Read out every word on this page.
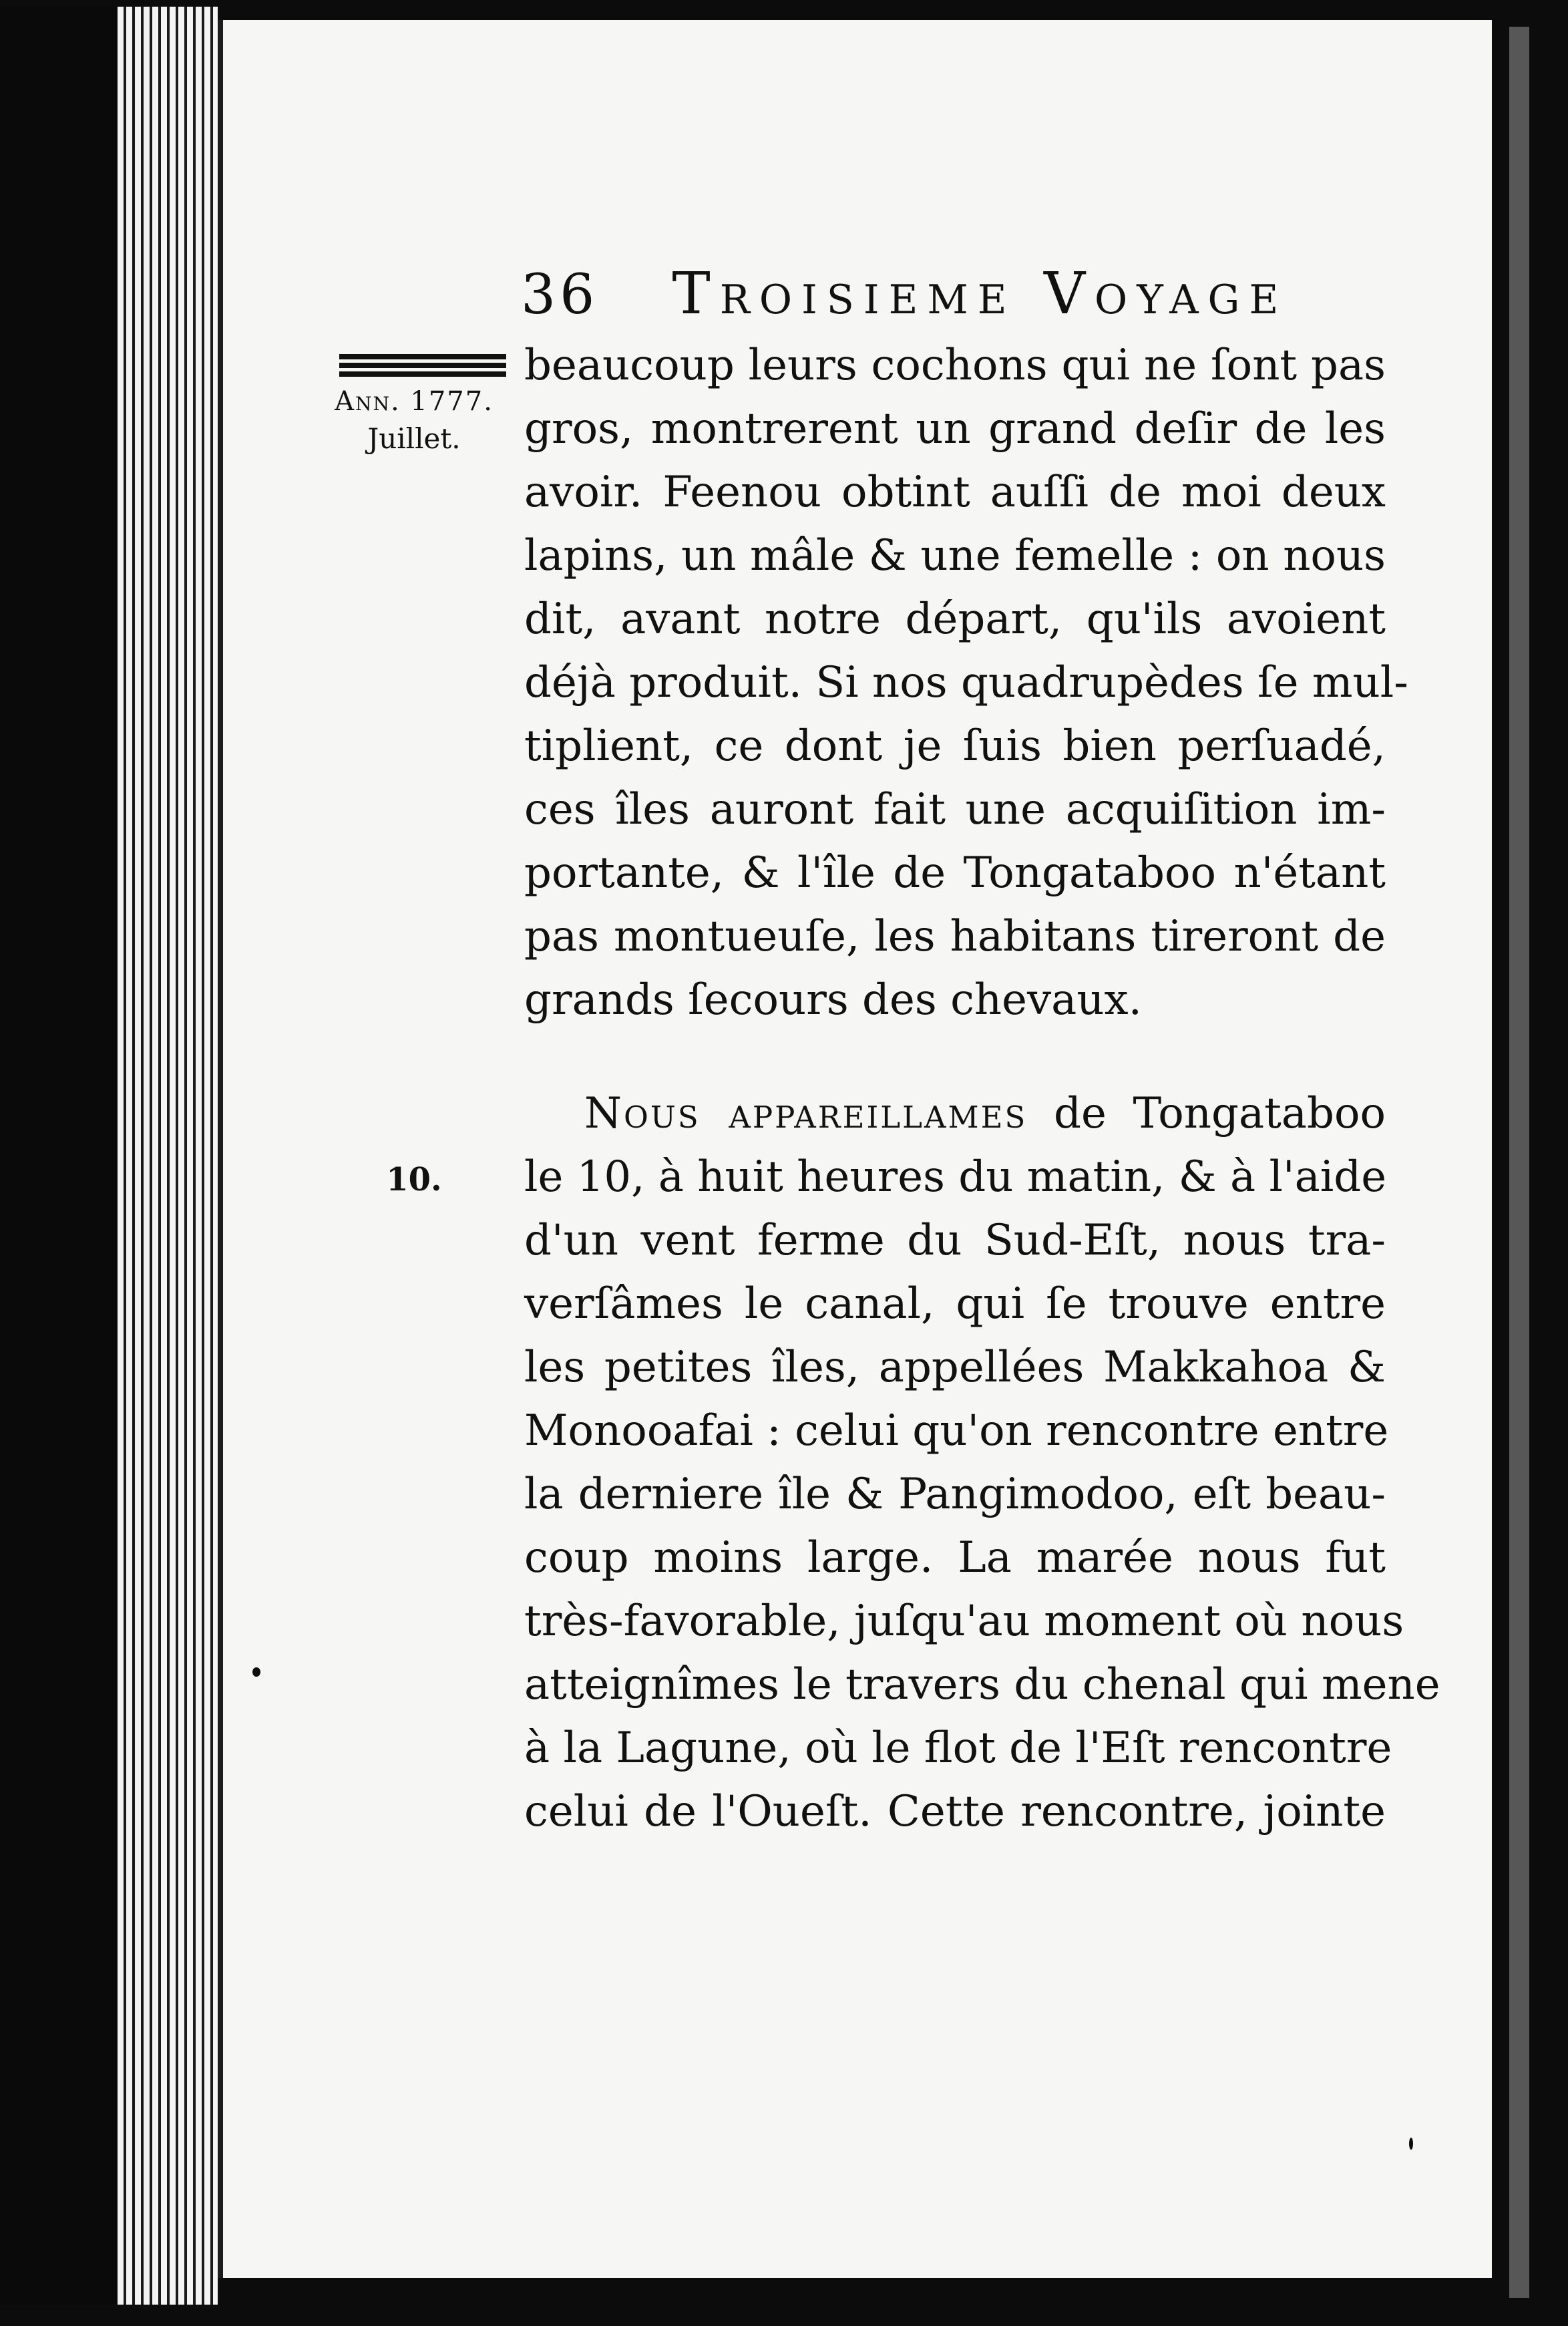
36 Troisieme Voyage
Ann. 1777.
Juillet.
10.
beaucoup leurs cochons qui ne ſont pas
gros, montrerent un grand deſir de les
avoir. Feenou obtint auſſi de moi deux
lapins, un mâle & une femelle : on nous
dit, avant notre départ, qu'ils avoient
déjà produit. Si nos quadrupèdes ſe mul-
tiplient, ce dont je ſuis bien perſuadé,
ces îles auront fait une acquiſition im-
portante, & l'île de Tongataboo n'étant
pas montueuſe, les habitans tireront de
grands ſecours des chevaux.
Nous appareillames de Tongataboo
le 10, à huit heures du matin, & à l'aide
d'un vent ferme du Sud-Eſt, nous tra-
verſâmes le canal, qui ſe trouve entre
les petites îles, appellées Makkahoa &
Monooafai : celui qu'on rencontre entre
la derniere île & Pangimodoo, eſt beau-
coup moins large. La marée nous fut
très-favorable, juſqu'au moment où nous
atteignîmes le travers du chenal qui mene
à la Lagune, où le flot de l'Eſt rencontre
celui de l'Oueſt. Cette rencontre, jointe
